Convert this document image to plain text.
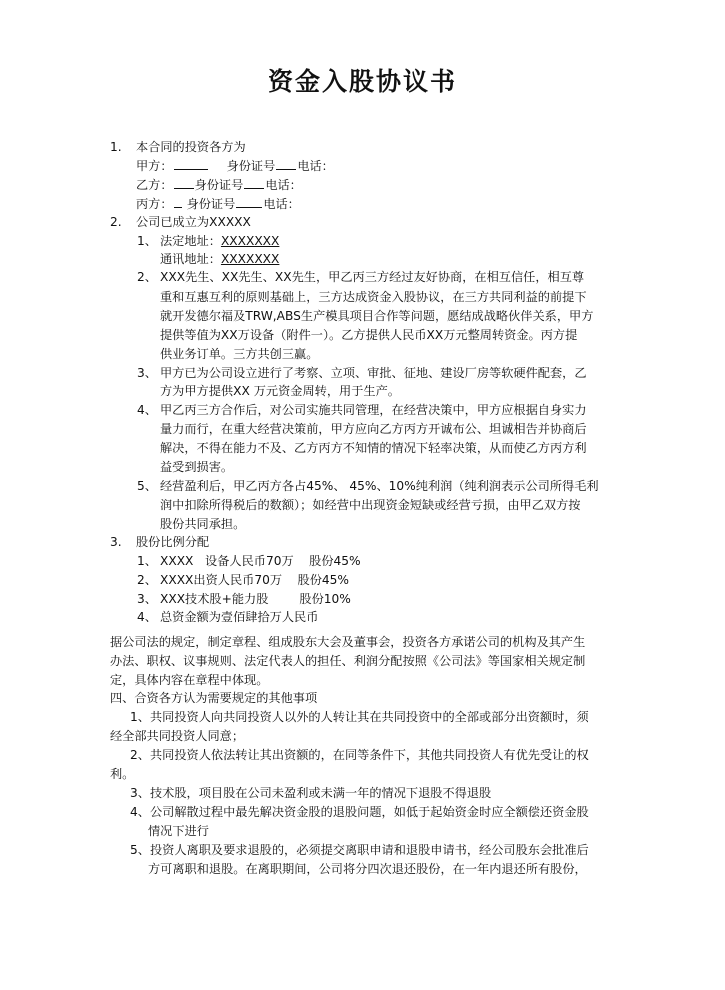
资金入股协议书
1. 本合同的投资各方为
甲方：	身份证号 电话：
乙方： 身份证号 电话：
丙方： 身份证号 电话：
2. 公司已成立为XXXXX
1、 法定地址：XXXXXXX
通讯地址：XXXXXXX
2、 XXX先生、XX先生、XX先生，甲乙丙三方经过友好协商，在相互信任，相互尊
重和互惠互利的原则基础上，三方达成资金入股协议，在三方共同利益的前提下
就开发德尔福及TRW,ABS生产模具项目合作等问题，愿结成战略伙伴关系，甲方
提供等值为XX万设备（附件一）。乙方提供人民币XX万元整周转资金。丙方提
供业务订单。三方共创三赢。
3、 甲方已为公司设立进行了考察、立项、审批、征地、建设厂房等软硬件配套，乙
方为甲方提供XX 万元资金周转，用于生产。
4、 甲乙丙三方合作后，对公司实施共同管理，在经营决策中，甲方应根据自身实力
量力而行，在重大经营决策前，甲方应向乙方丙方开诚布公、坦诚相告并协商后
解决，不得在能力不及、乙方丙方不知情的情况下轻率决策，从而使乙方丙方利
益受到损害。
5、 经营盈利后，甲乙丙方各占45%、 45%、10%纯利润（纯利润表示公司所得毛利
润中扣除所得税后的数额）；如经营中出现资金短缺或经营亏损，由甲乙双方按
股份共同承担。
3. 股份比例分配
1、 XXXX   设备人民币70万    股份45%
2、 XXXX出资人民币70万    股份45%
3、 XXX技术股+能力股        股份10%
4、 总资金额为壹佰肆拾万人民币
据公司法的规定，制定章程、组成股东大会及董事会，投资各方承诺公司的机构及其产生
办法、职权、议事规则、法定代表人的担任、利润分配按照《公司法》等国家相关规定制
定，具体内容在章程中体现。
四、合资各方认为需要规定的其他事项
1、共同投资人向共同投资人以外的人转让其在共同投资中的全部或部分出资额时，须
经全部共同投资人同意；
2、共同投资人依法转让其出资额的，在同等条件下，其他共同投资人有优先受让的权
利。
3、技术股，项目股在公司未盈利或未满一年的情况下退股不得退股
4、公司解散过程中最先解决资金股的退股问题，如低于起始资金时应全额偿还资金股
情况下进行
5、投资人离职及要求退股的，必须提交离职申请和退股申请书，经公司股东会批准后
方可离职和退股。在离职期间，公司将分四次退还股份，在一年内退还所有股份，
